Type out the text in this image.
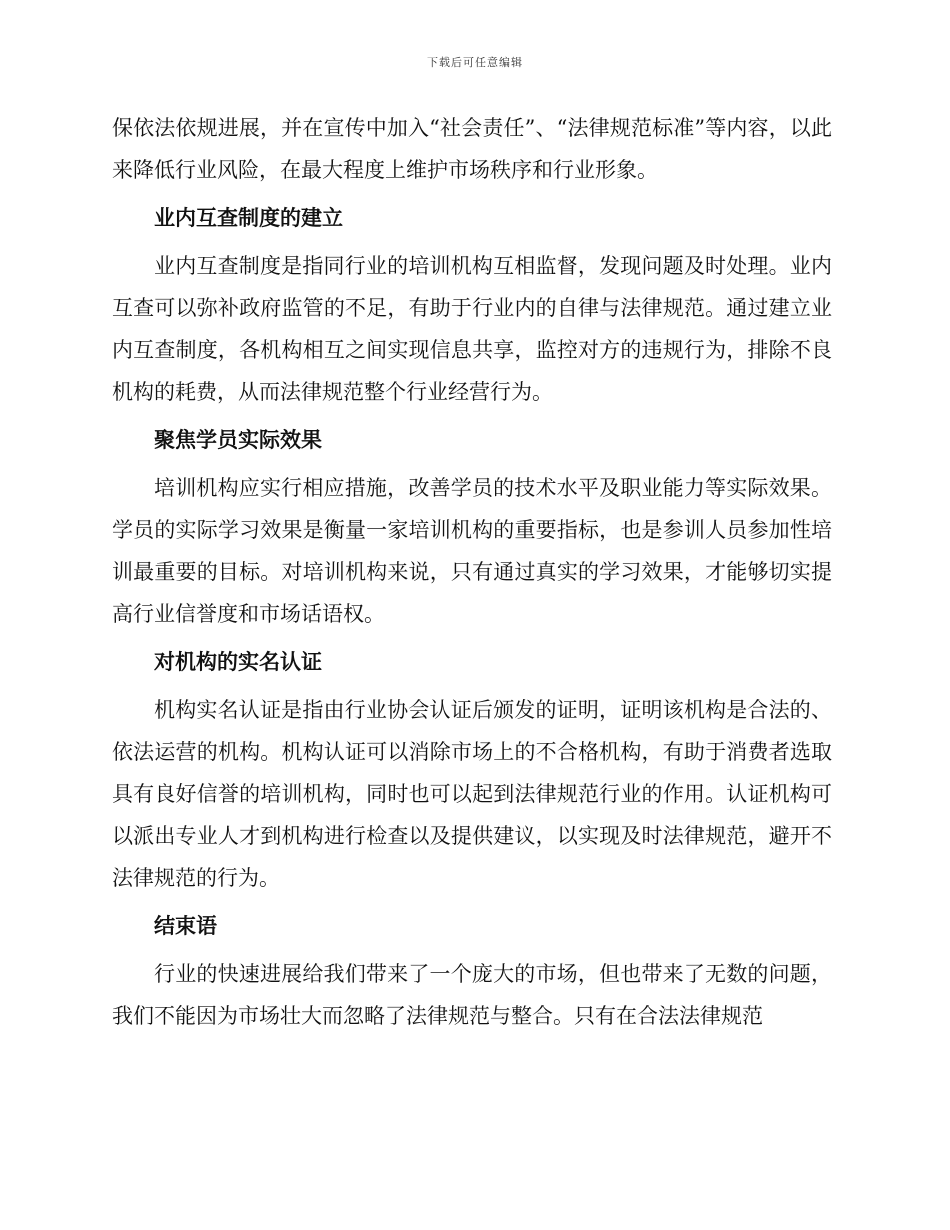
下载后可任意编辑

保依法依规进展，并在宣传中加入“社会责任”、“法律规范标准”等内容，以此来降低行业风险，在最大程度上维护市场秩序和行业形象。

业内互查制度的建立

业内互查制度是指同行业的培训机构互相监督，发现问题及时处理。业内互查可以弥补政府监管的不足，有助于行业内的自律与法律规范。通过建立业内互查制度，各机构相互之间实现信息共享，监控对方的违规行为，排除不良机构的耗费，从而法律规范整个行业经营行为。

聚焦学员实际效果

培训机构应实行相应措施，改善学员的技术水平及职业能力等实际效果。学员的实际学习效果是衡量一家培训机构的重要指标，也是参训人员参加性培训最重要的目标。对培训机构来说，只有通过真实的学习效果，才能够切实提高行业信誉度和市场话语权。

对机构的实名认证

机构实名认证是指由行业协会认证后颁发的证明，证明该机构是合法的、依法运营的机构。机构认证可以消除市场上的不合格机构，有助于消费者选取具有良好信誉的培训机构，同时也可以起到法律规范行业的作用。认证机构可以派出专业人才到机构进行检查以及提供建议，以实现及时法律规范，避开不法律规范的行为。

结束语

行业的快速进展给我们带来了一个庞大的市场，但也带来了无数的问题，我们不能因为市场壮大而忽略了法律规范与整合。只有在合法法律规范
